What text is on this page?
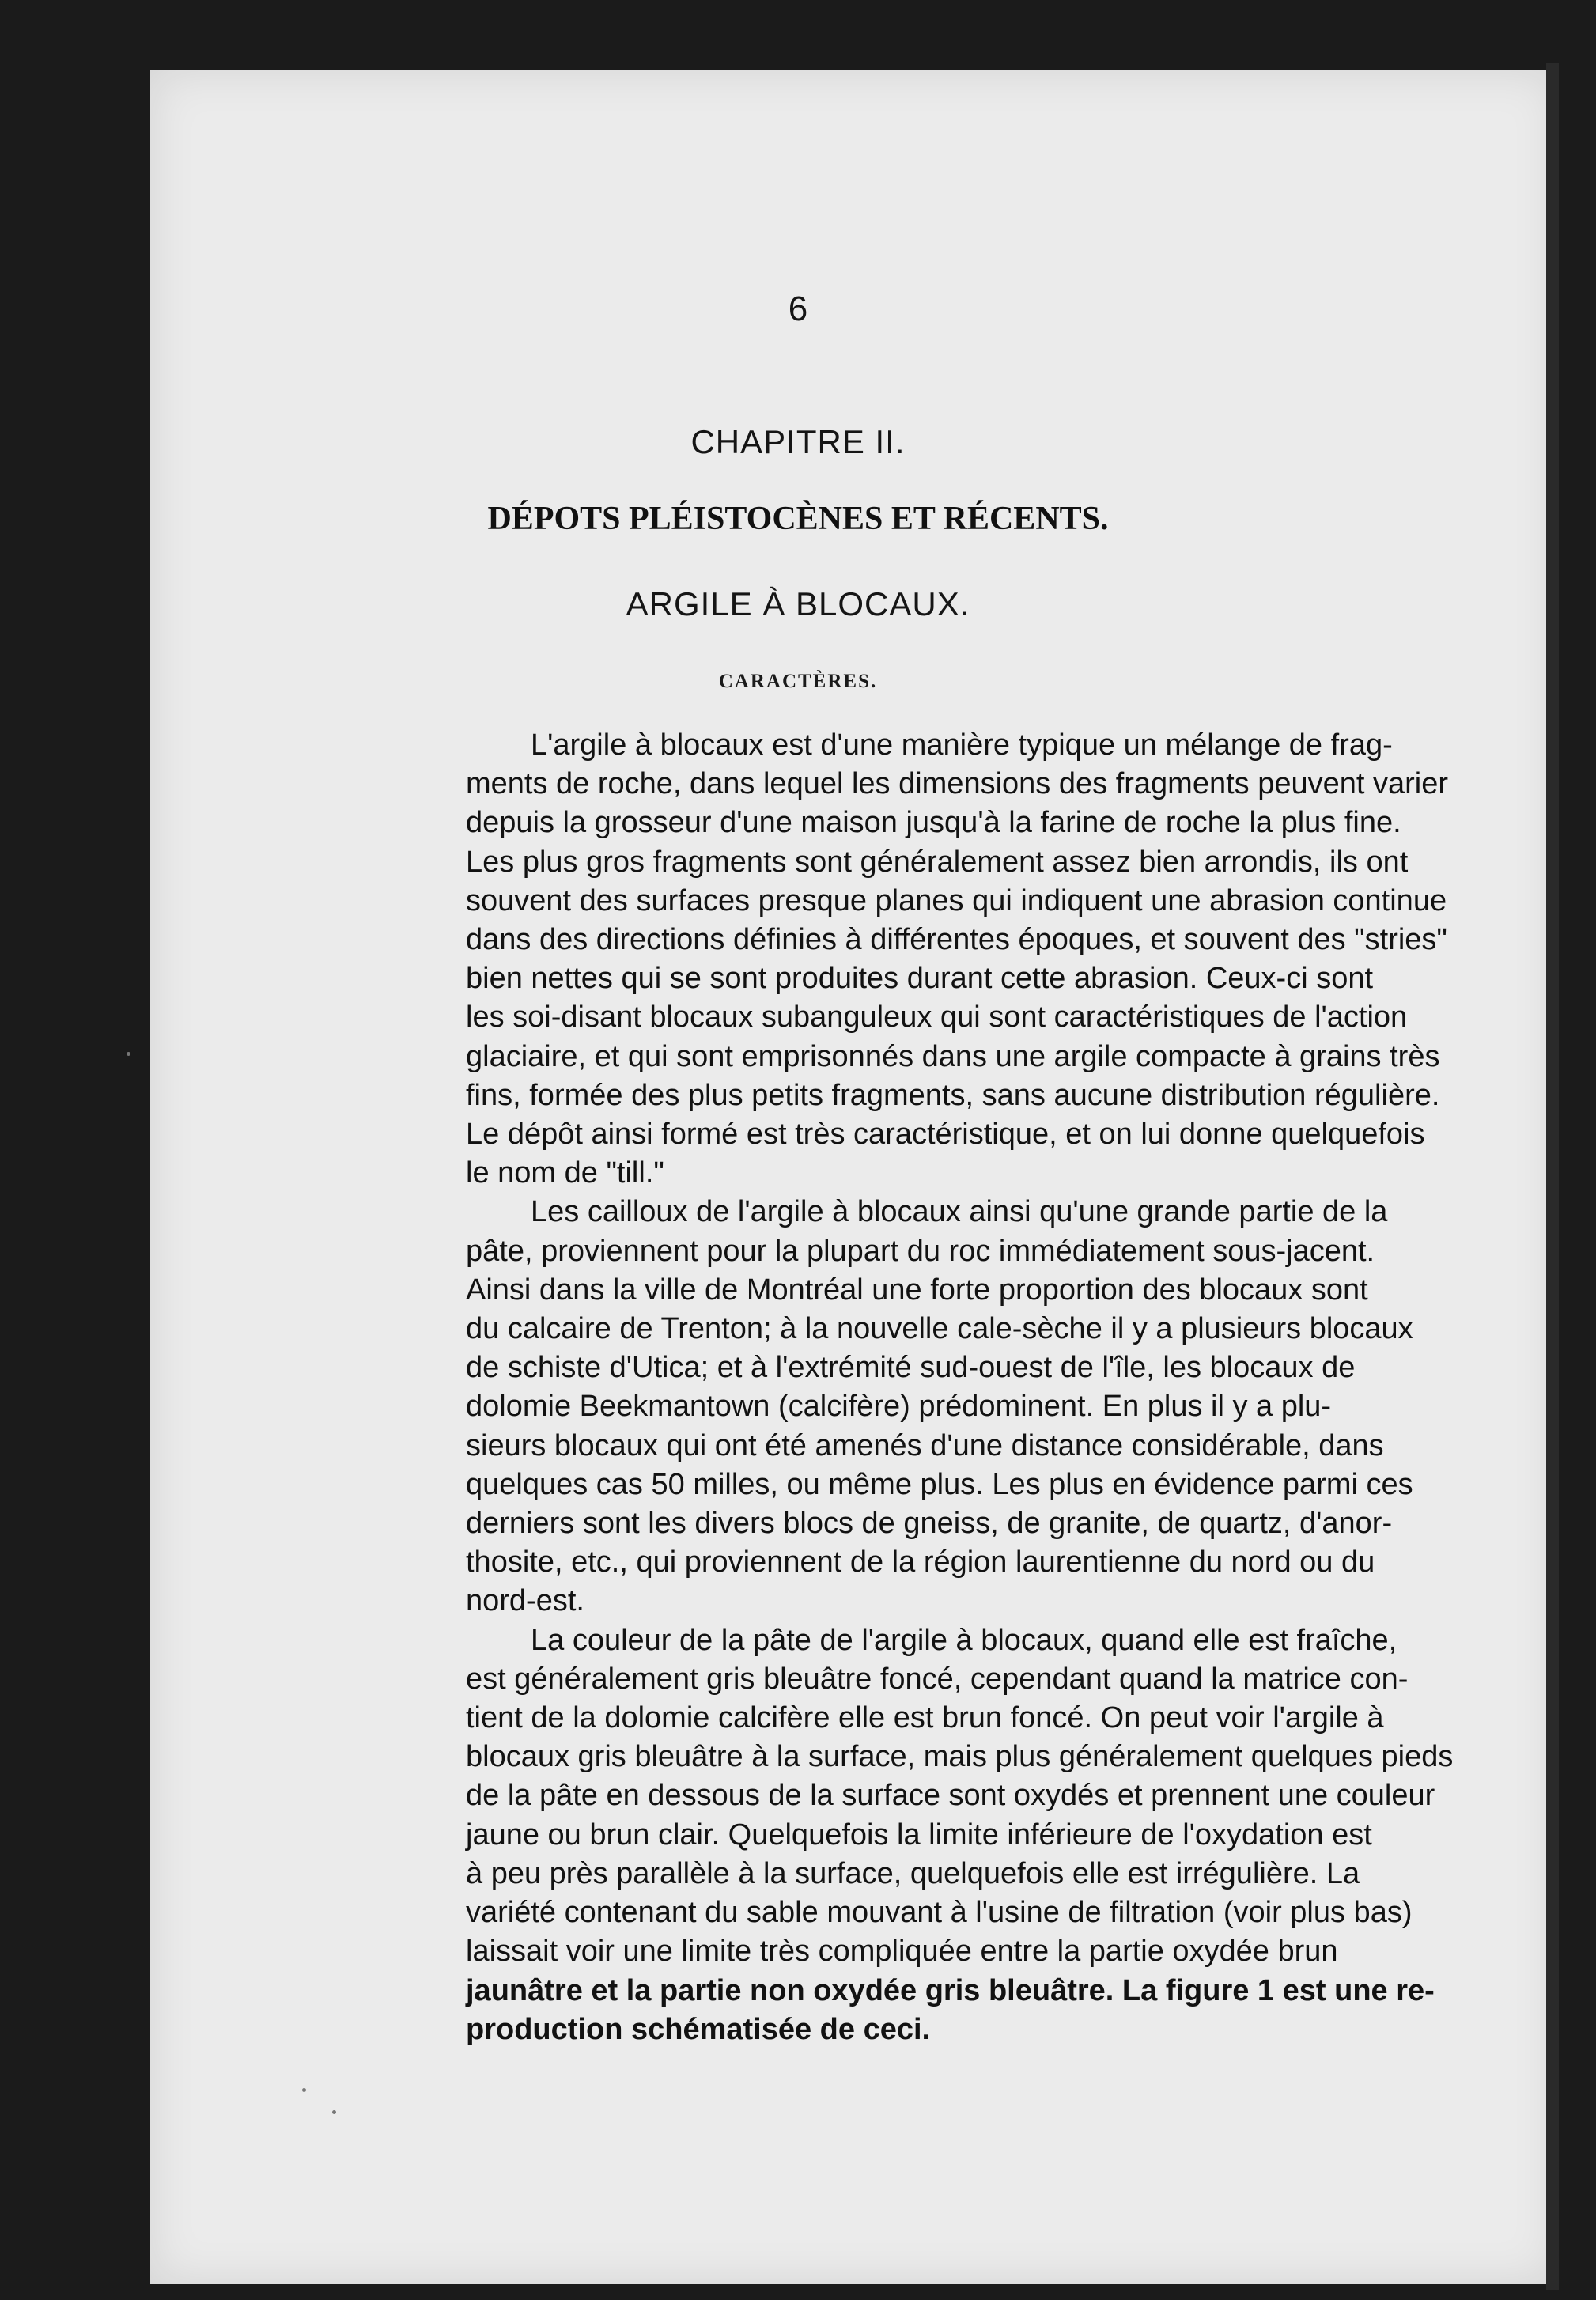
6
CHAPITRE II.
DÉPOTS PLÉISTOCÈNES ET RÉCENTS.
ARGILE À BLOCAUX.
CARACTÈRES.
L'argile à blocaux est d'une manière typique un mélange de frag-
ments de roche, dans lequel les dimensions des fragments peuvent varier
depuis la grosseur d'une maison jusqu'à la farine de roche la plus fine.
Les plus gros fragments sont généralement assez bien arrondis, ils ont
souvent des surfaces presque planes qui indiquent une abrasion continue
dans des directions définies à différentes époques, et souvent des "stries"
bien nettes qui se sont produites durant cette abrasion. Ceux-ci sont
les soi-disant blocaux subanguleux qui sont caractéristiques de l'action
glaciaire, et qui sont emprisonnés dans une argile compacte à grains très
fins, formée des plus petits fragments, sans aucune distribution régulière.
Le dépôt ainsi formé est très caractéristique, et on lui donne quelquefois
le nom de "till."
Les cailloux de l'argile à blocaux ainsi qu'une grande partie de la
pâte, proviennent pour la plupart du roc immédiatement sous-jacent.
Ainsi dans la ville de Montréal une forte proportion des blocaux sont
du calcaire de Trenton; à la nouvelle cale-sèche il y a plusieurs blocaux
de schiste d'Utica; et à l'extrémité sud-ouest de l'île, les blocaux de
dolomie Beekmantown (calcifère) prédominent. En plus il y a plu-
sieurs blocaux qui ont été amenés d'une distance considérable, dans
quelques cas 50 milles, ou même plus. Les plus en évidence parmi ces
derniers sont les divers blocs de gneiss, de granite, de quartz, d'anor-
thosite, etc., qui proviennent de la région laurentienne du nord ou du
nord-est.
La couleur de la pâte de l'argile à blocaux, quand elle est fraîche,
est généralement gris bleuâtre foncé, cependant quand la matrice con-
tient de la dolomie calcifère elle est brun foncé. On peut voir l'argile à
blocaux gris bleuâtre à la surface, mais plus généralement quelques pieds
de la pâte en dessous de la surface sont oxydés et prennent une couleur
jaune ou brun clair. Quelquefois la limite inférieure de l'oxydation est
à peu près parallèle à la surface, quelquefois elle est irrégulière. La
variété contenant du sable mouvant à l'usine de filtration (voir plus bas)
laissait voir une limite très compliquée entre la partie oxydée brun
jaunâtre et la partie non oxydée gris bleuâtre. La figure 1 est une re-
production schématisée de ceci.
